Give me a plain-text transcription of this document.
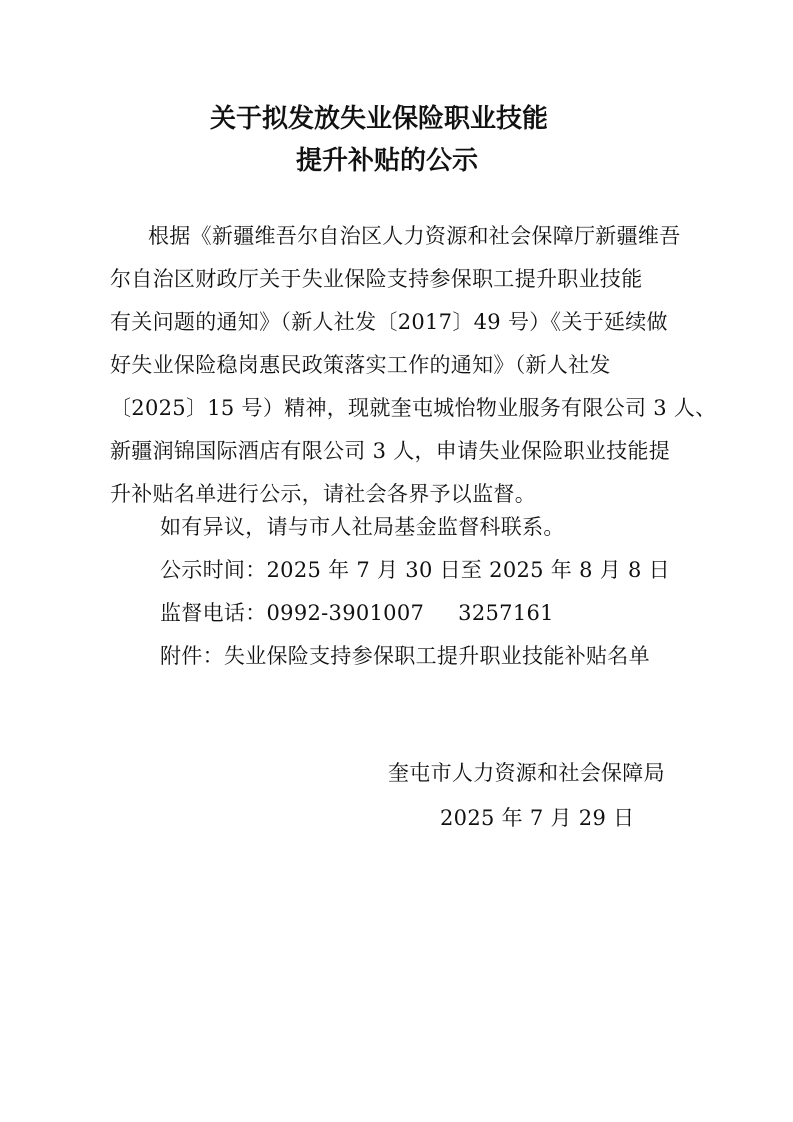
关于拟发放失业保险职业技能
提升补贴的公示
根据《新疆维吾尔自治区人力资源和社会保障厅新疆维吾
尔自治区财政厅关于失业保险支持参保职工提升职业技能
有关问题的通知》（新人社发〔2017〕49 号）《关于延续做
好失业保险稳岗惠民政策落实工作的通知》（新人社发
〔2025〕15 号）精神，现就奎屯城怡物业服务有限公司 3 人、
新疆润锦国际酒店有限公司 3 人，申请失业保险职业技能提
升补贴名单进行公示，请社会各界予以监督。
如有异议，请与市人社局基金监督科联系。
公示时间：2025 年 7 月 30 日至 2025 年 8 月 8 日
监督电话：0992-3901007 3257161
附件：失业保险支持参保职工提升职业技能补贴名单
奎屯市人力资源和社会保障局
2025 年 7 月 29 日
